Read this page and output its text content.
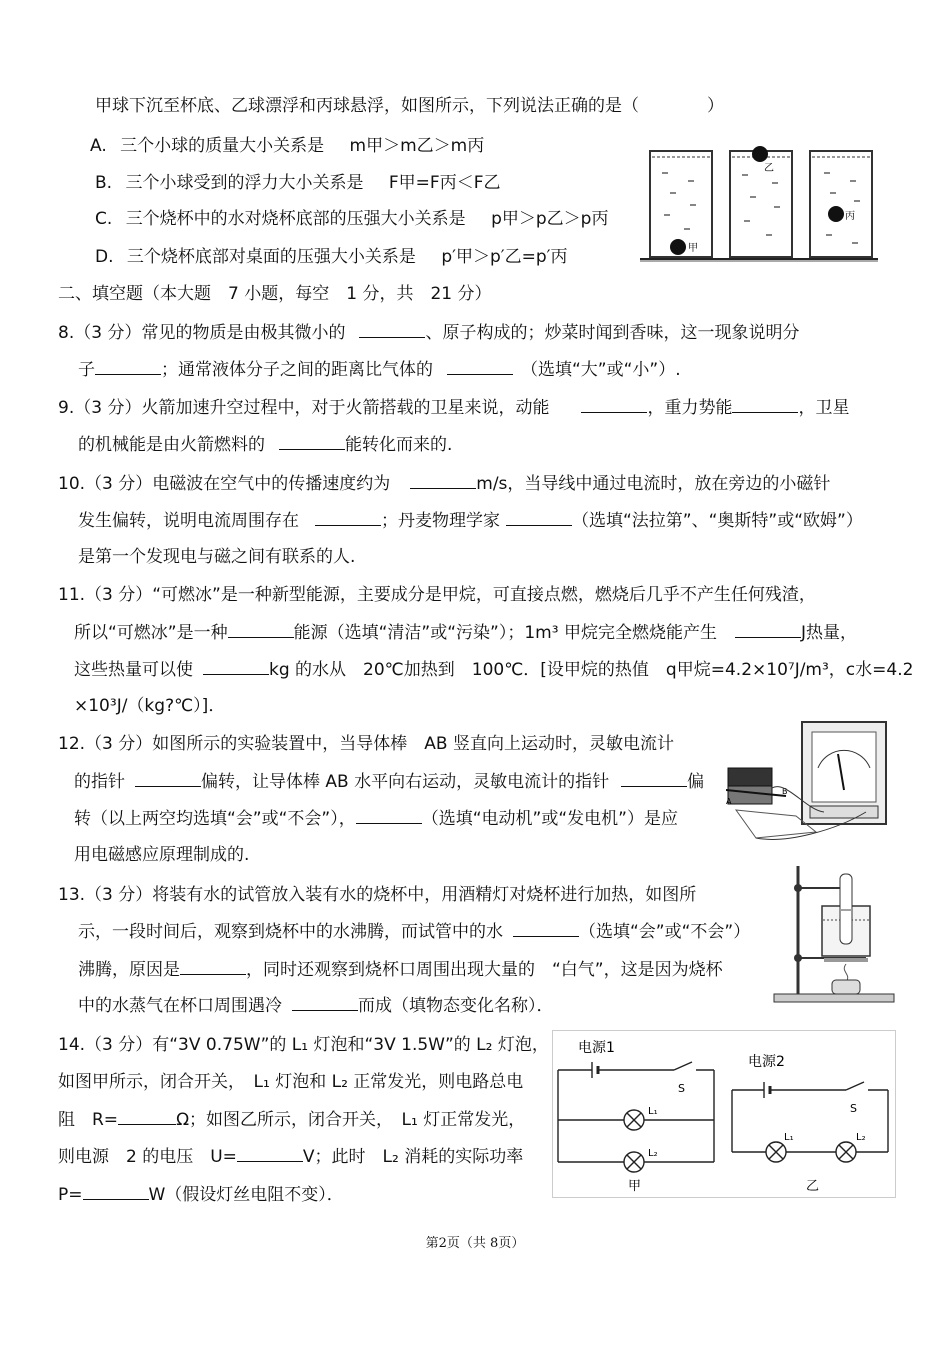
甲球下沉至杯底、乙球漂浮和丙球悬浮，如图所示，下列说法正确的是（　　　　）
A. 三个小球的质量大小关系是 m甲＞m乙＞m丙
B. 三个小球受到的浮力大小关系是 F甲=F丙＜F乙
C. 三个烧杯中的水对烧杯底部的压强大小关系是 p甲＞p乙＞p丙
D. 三个烧杯底部对桌面的压强大小关系是 p′甲＞p′乙=p′丙	甲
乙
丙
二、填空题（本大题　7 小题，每空　1 分，共　21 分）
8.（3 分）常见的物质是由极其微小的	、原子构成的；炒菜时闻到香味，这一现象说明分
子	；通常液体分子之间的距离比气体的	（选填“大”或“小”）.
9.（3 分）火箭加速升空过程中，对于火箭搭载的卫星来说，动能	，重力势能	，卫星
的机械能是由火箭燃料的	能转化而来的.
10.（3 分）电磁波在空气中的传播速度约为	m/s，当导线中通过电流时，放在旁边的小磁针
发生偏转，说明电流周围存在	；丹麦物理学家	（选填“法拉第”、“奥斯特”或“欧姆”）
是第一个发现电与磁之间有联系的人.
11.（3 分）“可燃冰”是一种新型能源，主要成分是甲烷，可直接点燃，燃烧后几乎不产生任何残渣，
所以“可燃冰”是一种	能源（选填“清洁”或“污染”）；1m³ 甲烷完全燃烧能产生	J热量，
这些热量可以使	kg 的水从　20℃加热到　100℃．[设甲烷的热值　q甲烷=4.2×10⁷J/m³，c水=4.2
×10³J/（kg?℃）]．
12.（3 分）如图所示的实验装置中，当导体棒　AB 竖直向上运动时，灵敏电流计
的指针	偏转，让导体棒 AB 水平向右运动，灵敏电流计的指针	偏
转（以上两空均选填“会”或“不会”），	（选填“电动机”或“发电机”）是应
用电磁感应原理制成的.
A
B
13.（3 分）将装有水的试管放入装有水的烧杯中，用酒精灯对烧杯进行加热，如图所
示，一段时间后，观察到烧杯中的水沸腾，而试管中的水	（选填“会”或“不会”）
沸腾，原因是	，同时还观察到烧杯口周围出现大量的　“白气”，这是因为烧杯
中的水蒸气在杯口周围遇冷	而成（填物态变化名称）．
14.（3 分）有“3V 0.75W”的 L₁ 灯泡和“3V 1.5W”的 L₂ 灯泡，
如图甲所示，闭合开关，　L₁ 灯泡和 L₂ 正常发光，则电路总电
阻　R=	Ω；如图乙所示，闭合开关，　L₁ 灯正常发光，
则电源　2 的电压　U=	V；此时　L₂ 消耗的实际功率
P=	W（假设灯丝电阻不变）．
电源1
S
L₁
L₂
甲
电源2
S
L₁	L₂
乙
第2页（共 8页）
